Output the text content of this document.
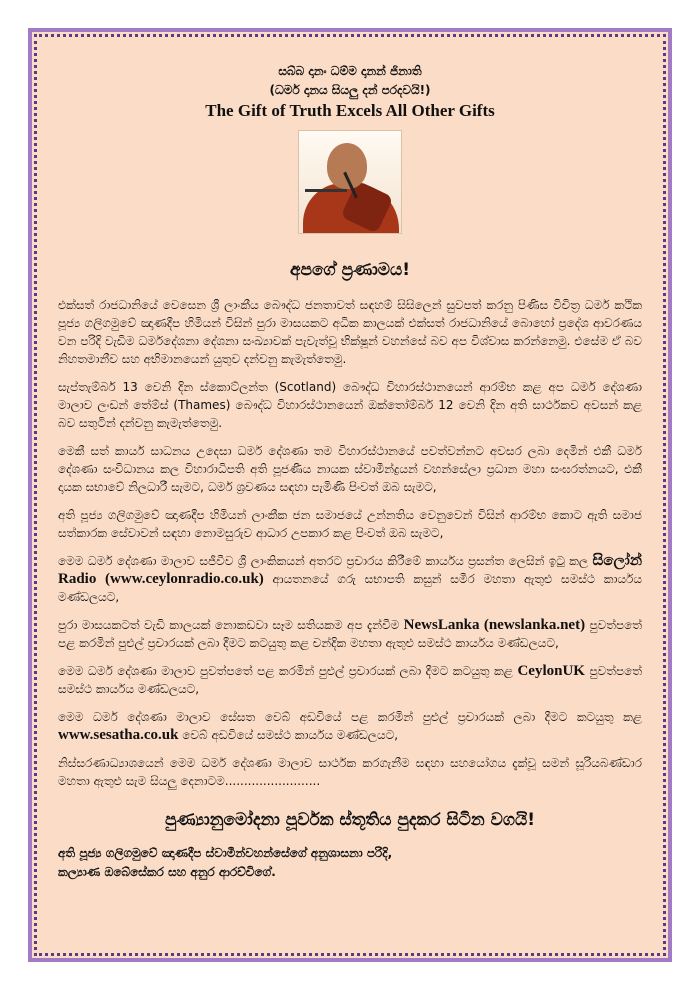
සබ්බ දානං ධම්ම දානන් ජිනාති
(ධර්ම දානය සියලු දන් පරදවයි!)
The Gift of Truth Excels All Other Gifts
අපගේ ප්‍රණාමය!

එක්සත් රාජධානියේ වෙසෙන ශ්‍රී ලාංකීය බෞද්ධ ජනතාවත් සඳහම් සිසිලෙන් සුවපත් කරනු පිණිස විචිත්‍ර ධර්ම කථික පූජ්‍ය ගලිගමුවේ ඤාණදීප හිමියන් විසින් පුරා මාසයකට අධික කාලයක් එක්සත් රාජධානියේ බොහෝ ප්‍රදේශ ආවරණය වන පරිදි වැඩිම ධර්මදේශනා දේශනා සංඛ්‍යාවක් පැවැත්වූ භික්ෂූන් වහන්සේ බව අප විශ්වාස කරන්නෙමු. එසේම ඒ බව නිහතමානීව සහ අභිමානයෙන් යුතුව දන්වනු කැමැත්තෙමු.

සැප්තැම්බර් 13 වෙනි දින ස්කොට්ලන්ත (Scotland) බෞද්ධ විහාරස්ථානයෙන් ආරම්භ කළ අප ධර්ම දේශණා මාලාව ලංඩන් තේම්ස් (Thames) බෞද්ධ විහාරස්ථානයෙන් ඔක්තෝම්බර් 12 වෙනි දින අති සාර්ථකව අවසන් කළ බව සතුටින් දන්වනු කැමැත්තෙමු.

මෙකී සත් කාර්ය සාධනය උදෙසා ධර්ම දේශණා තම විහාරස්ථානයේ පවත්වන්නට අවසර ලබා දෙමින් එකී ධර්ම දේශණා සංවිධානය කල විහාරාධිපති අති පූජණීය නායක ස්වාමීන්ද්‍රයන් වහන්සේලා ප්‍රධාන මහා සංඝරත්නයට, එකී දායක සභාවේ නිලධාරී සැමට, ධර්ම ශ්‍රවණය සඳහා පැමිණි පිංවත් ඔබ සැමට,

අති පූජ්‍ය ගලිගමුවේ ඤාණදීප හිමියන් ලාංකීක ජන සමාජයේ උන්නතිය වෙනුවෙන් විසින් ආරම්භ කොට ඇති සමාජ සත්කාරක සේවාවන් සඳහා නොමසුරුව ආධාර උපකාර කළ පිංවත් ඔබ සැමට,

මෙම ධර්ම දේශණා මාලාව සජීවීව ශ්‍රී ලාංකිකයන් අතරට ප්‍රචාරය කිරීමේ කාර්යය ප්‍රසන්ත ලෙසින් ඉටු කල සිලෝන් Radio (www.ceylonradio.co.uk) ආයතනයේ ගරු සභාපති කසුන් සමීර මහතා ඇතුළු සමස්ථ කාර්යය මණ්ඩලයට,

පුරා මාසයකටත් වැඩි කාලයක් නොකඩවා සෑම සතියකම අප දැන්වීම NewsLanka (newslanka.net) පුවත්පතේ පළ කරමින් පුළුල් ප්‍රචාරයක් ලබා දීමට කටයුතු කළ චන්දික මහතා ඇතුළු සමස්ථ කාර්යය මණ්ඩලයට,

මෙම ධර්ම දේශණා මාලාව පුවත්පතේ පළ කරමින් පුළුල් ප්‍රචාරයක් ලබා දීමට කටයුතු කළ CeylonUK පුවත්පතේ සමස්ථ කාර්යය මණ්ඩලයට,

මෙම ධර්ම දේශණා මාලාව සේසත වෙබ් අඩවියේ පළ කරමින් පුළුල් ප්‍රචාරයක් ලබා දීමට කටයුතු කළ www.sesatha.co.uk වෙබ් අඩවියේ සමස්ථ කාර්යය මණ්ඩලයට,

නිස්සරණාධ්‍යාශයෙන් මෙම ධර්ම දේශණා මාලාව සාර්ථක කරගැනීම සඳහා සහයෝගය දැක්වූ සමන් සූරියබණ්ඩාර මහතා ඇතුළු සැම සියලු දෙනාටම.........................

පුණ්‍යානුමෝදනා පූර්වක ස්තූතිය පුදකර සිටින වගයි!
අති පූජ්‍ය ගලිගමුවේ ඤාණදීප ස්වාමීන්වහන්සේගේ අනුශාසනා පරිදි,
කල්‍යාණ ඔබේසේකර සහ අනුර ආරච්චිගේ.
